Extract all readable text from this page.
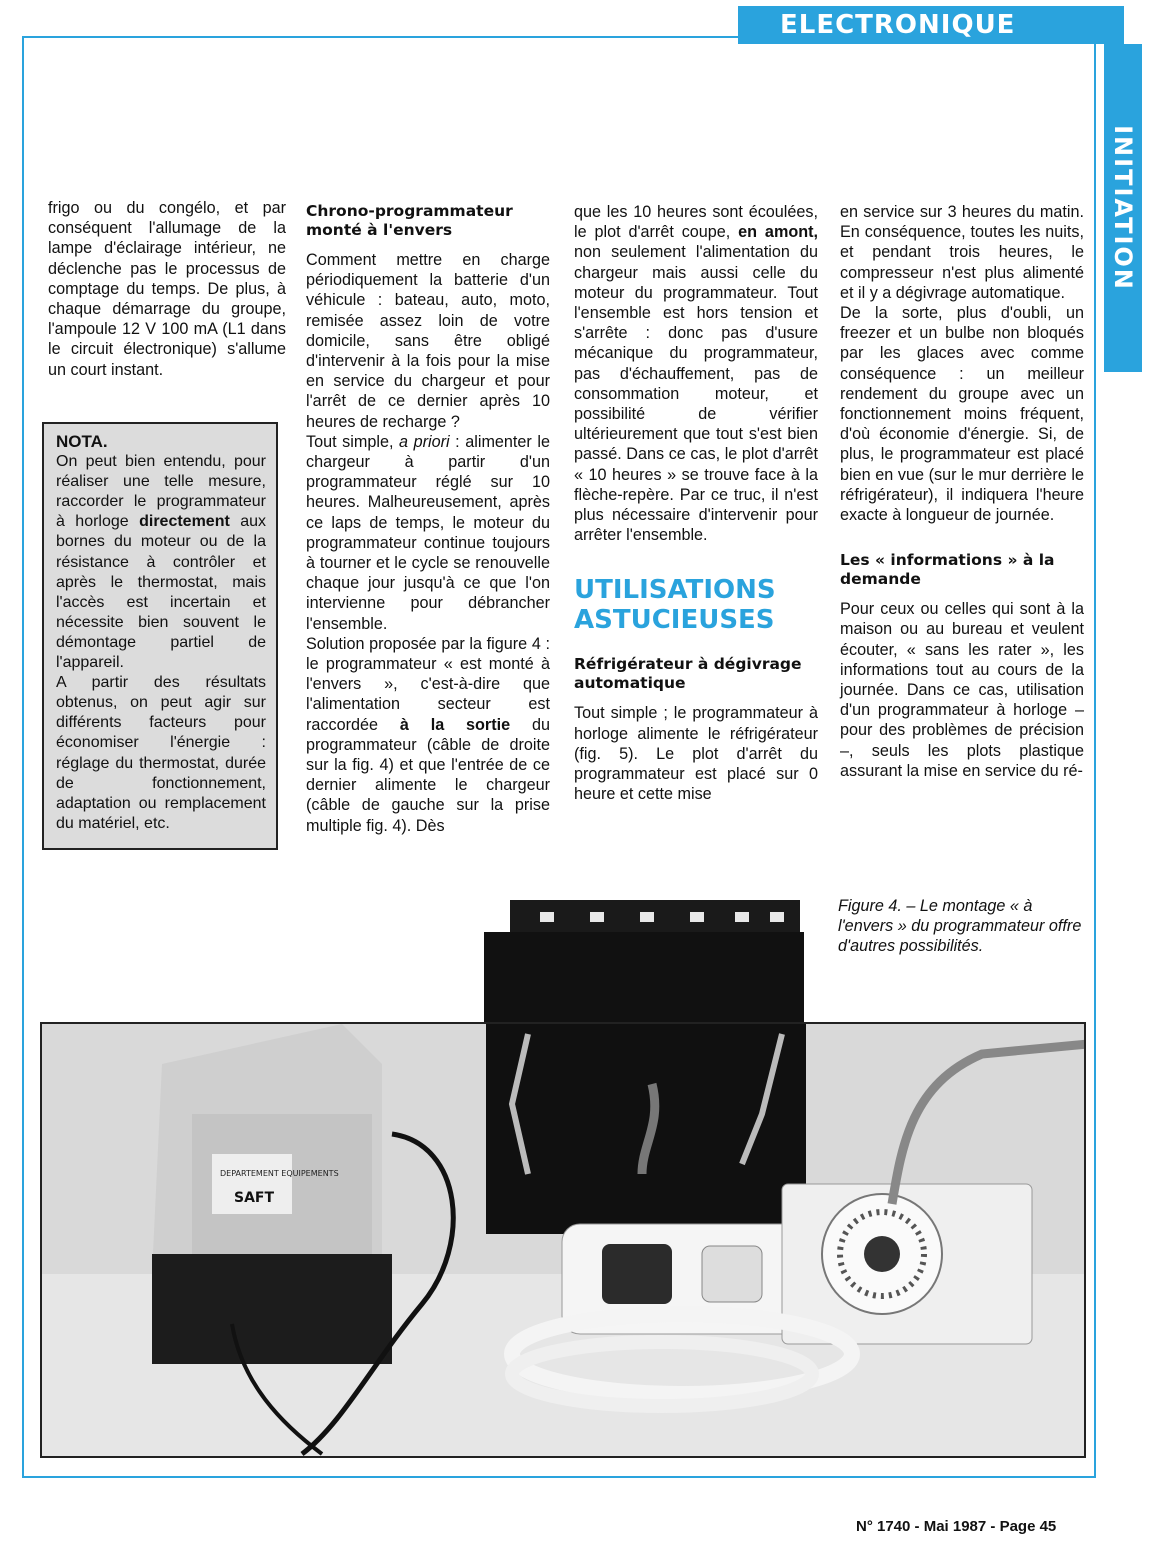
ELECTRONIQUE
INITIATION

frigo ou du congélo, et par conséquent l'allumage de la lampe d'éclairage intérieur, ne déclenche pas le processus de comptage du temps. De plus, à chaque démarrage du groupe, l'ampoule 12 V 100 mA (L1 dans le circuit électronique) s'allume un court instant.

NOTA.

On peut bien entendu, pour réaliser une telle mesure, raccorder le programmateur à horloge directement aux bornes du moteur ou de la résistance à contrôler et après le thermostat, mais l'accès est incertain et nécessite bien souvent le démontage partiel de l'appareil.

A partir des résultats obtenus, on peut agir sur différents facteurs pour économiser l'énergie : réglage du thermostat, durée de fonctionnement, adaptation ou remplacement du matériel, etc.

Chrono-programmateur monté à l'envers

Comment mettre en charge périodiquement la batterie d'un véhicule : bateau, auto, moto, remisée assez loin de votre domicile, sans être obligé d'intervenir à la fois pour la mise en service du chargeur et pour l'arrêt de ce dernier après 10 heures de recharge ?

Tout simple, a priori : alimenter le chargeur à partir d'un programmateur réglé sur 10 heures. Malheureusement, après ce laps de temps, le moteur du programmateur continue toujours à tourner et le cycle se renouvelle chaque jour jusqu'à ce que l'on intervienne pour débrancher l'ensemble.

Solution proposée par la figure 4 : le programmateur « est monté à l'envers », c'est-à-dire que l'alimentation secteur est raccordée à la sortie du programmateur (câble de droite sur la fig. 4) et que l'entrée de ce dernier alimente le chargeur (câble de gauche sur la prise multiple fig. 4). Dès

que les 10 heures sont écoulées, le plot d'arrêt coupe, en amont, non seulement l'alimentation du chargeur mais aussi celle du moteur du programmateur. Tout l'ensemble est hors tension et s'arrête : donc pas d'usure mécanique du programmateur, pas d'échauffement, pas de consommation moteur, et possibilité de vérifier ultérieurement que tout s'est bien passé. Dans ce cas, le plot d'arrêt « 10 heures » se trouve face à la flèche-repère. Par ce truc, il n'est plus nécessaire d'intervenir pour arrêter l'ensemble.

UTILISATIONS ASTUCIEUSES
Réfrigérateur à dégivrage automatique

Tout simple ; le programmateur à horloge alimente le réfrigérateur (fig. 5). Le plot d'arrêt du programmateur est placé sur 0 heure et cette mise

en service sur 3 heures du matin. En conséquence, toutes les nuits, et pendant trois heures, le compresseur n'est plus alimenté et il y a dégivrage automatique.

De la sorte, plus d'oubli, un freezer et un bulbe non bloqués par les glaces avec comme conséquence : un meilleur rendement du groupe avec un fonctionnement moins fréquent, d'où économie d'énergie. Si, de plus, le programmateur est placé bien en vue (sur le mur derrière le réfrigérateur), il indiquera l'heure exacte à longueur de journée.

Les « informations » à la demande

Pour ceux ou celles qui sont à la maison ou au bureau et veulent écouter, « sans les rater », les informations tout au cours de la journée. Dans ce cas, utilisation d'un programmateur à horloge – pour des problèmes de précision –, seuls les plots plastique assurant la mise en service du ré-

Figure 4. – Le montage « à l'envers » du programmateur offre d'autres possibilités.
DEPARTEMENT EQUIPEMENTS
SAFT
N° 1740 - Mai 1987 - Page 45
